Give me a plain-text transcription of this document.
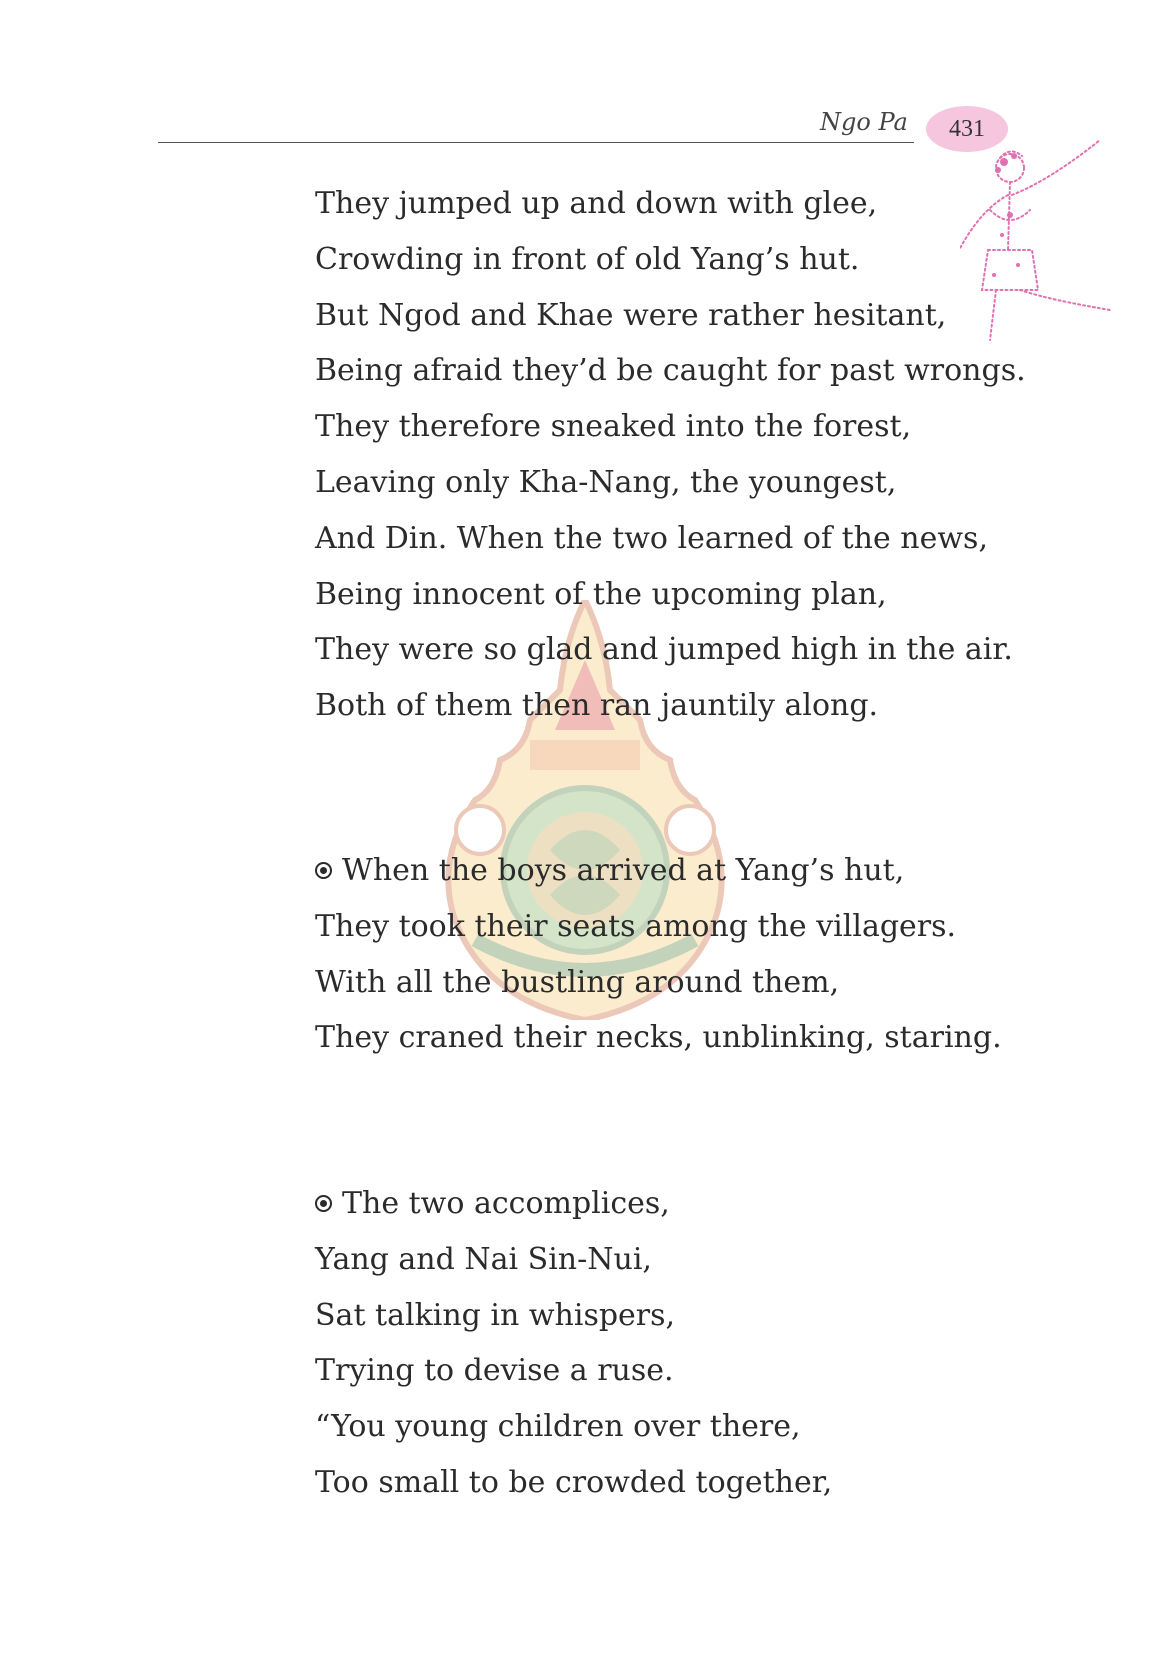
Ngo Pa 431
They jumped up and down with glee,
Crowding in front of old Yang’s hut.
But Ngod and Khae were rather hesitant,
Being afraid they’d be caught for past wrongs.
They therefore sneaked into the forest,
Leaving only Kha-Nang, the youngest,
And Din. When the two learned of the news,
Being innocent of the upcoming plan,
They were so glad and jumped high in the air.
Both of them then ran jauntily along.
When the boys arrived at Yang’s hut,
They took their seats among the villagers.
With all the bustling around them,
They craned their necks, unblinking, staring.
The two accomplices,
Yang and Nai Sin-Nui,
Sat talking in whispers,
Trying to devise a ruse.
“You young children over there,
Too small to be crowded together,
